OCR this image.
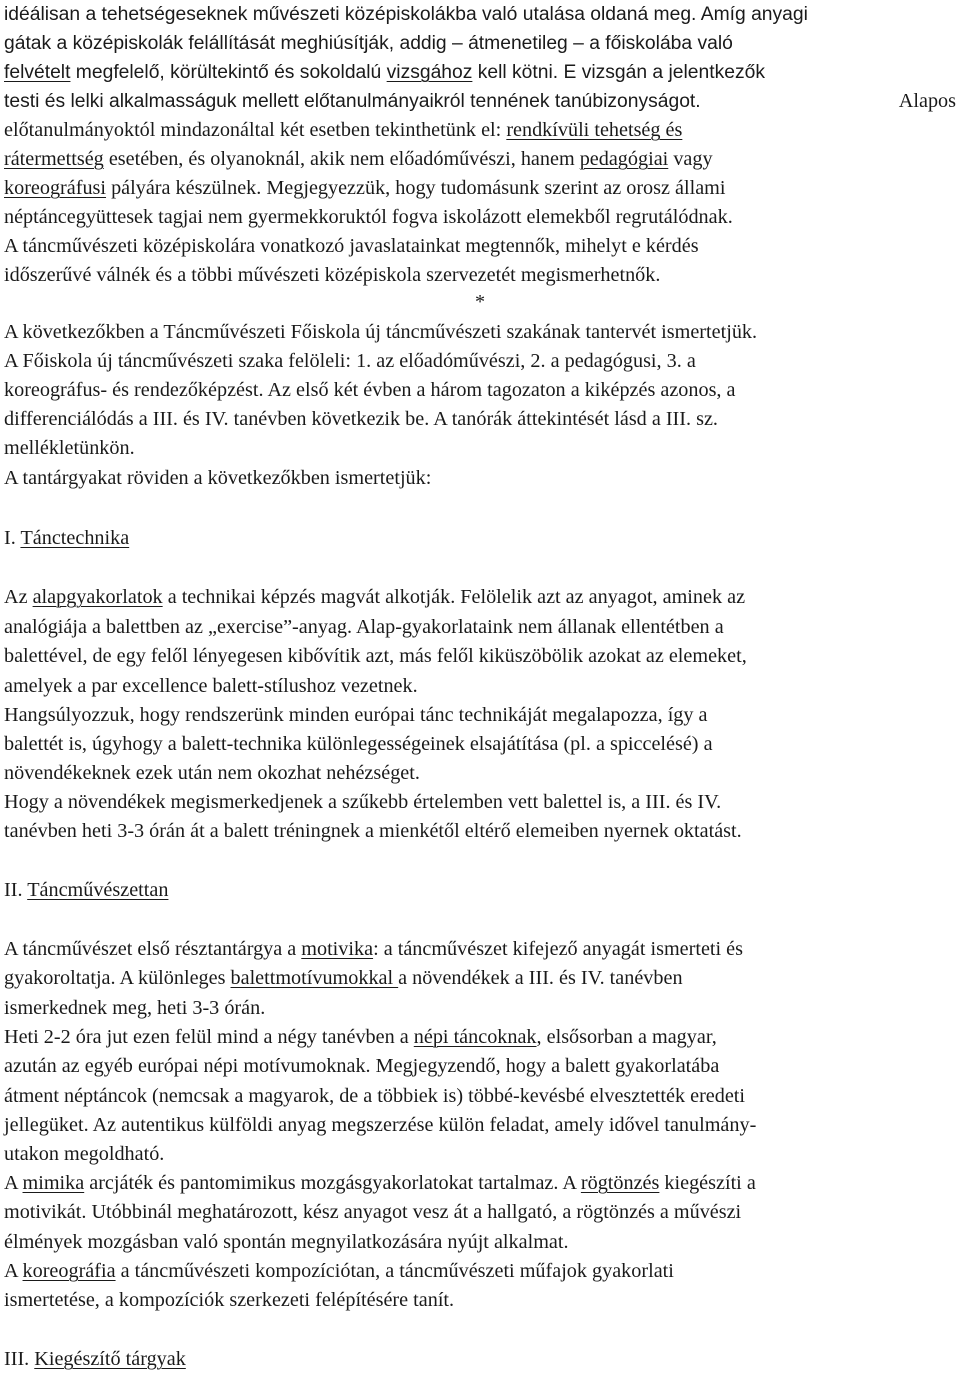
idéálisan a tehetségeseknek művészeti középiskolákba való utalása oldaná meg. Amíg anyagi
gátak a középiskolák felállítását meghiúsítják, addig – átmenetileg – a főiskolába való
felvételt megfelelő, körültekintő és sokoldalú vizsgához kell kötni. E vizsgán a jelentkezők
testi és lelki alkalmasságuk mellett előtanulmányaikról tennének tanúbizonyságot.	Alapos
előtanulmányoktól mindazonáltal két esetben tekinthetünk el: rendkívüli tehetség és
rátermettség esetében, és olyanoknál, akik nem előadóművészi, hanem pedagógiai vagy
koreográfusi pályára készülnek. Megjegyezzük, hogy tudomásunk szerint az orosz állami
néptáncegyüttesek tagjai nem gyermekkoruktól fogva iskolázott elemekből regrutálódnak.
A táncművészeti középiskolára vonatkozó javaslatainkat megtennők, mihelyt e kérdés
időszerűvé válnék és a többi művészeti középiskola szervezetét megismerhetnők.
*
A következőkben a Táncművészeti Főiskola új táncművészeti szakának tantervét ismertetjük.
A Főiskola új táncművészeti szaka felöleli: 1. az előadóművészi, 2. a pedagógusi, 3. a
koreográfus- és rendezőképzést. Az első két évben a három tagozaton a kiképzés azonos, a
differenciálódás a III. és IV. tanévben következik be. A tanórák áttekintését lásd a III. sz.
mellékletünkön.
A tantárgyakat röviden a következőkben ismertetjük:
I. Tánctechnika
Az alapgyakorlatok a technikai képzés magvát alkotják. Felölelik azt az anyagot, aminek az
analógiája a balettben az „exercise”-anyag. Alap-gyakorlataink nem állanak ellentétben a
balettével, de egy felől lényegesen kibővítik azt, más felől kiküszöbölik azokat az elemeket,
amelyek a par excellence balett-stílushoz vezetnek.
Hangsúlyozzuk, hogy rendszerünk minden európai tánc technikáját megalapozza, így a
balettét is, úgyhogy a balett-technika különlegességeinek elsajátítása (pl. a spiccelésé) a
növendékeknek ezek után nem okozhat nehézséget.
Hogy a növendékek megismerkedjenek a szűkebb értelemben vett balettel is, a III. és IV.
tanévben heti 3-3 órán át a balett tréningnek a mienkétől eltérő elemeiben nyernek oktatást.
II. Táncművészettan
A táncművészet első résztantárgya a motivika: a táncművészet kifejező anyagát ismerteti és
gyakoroltatja. A különleges balettmotívumokkal a növendékek a III. és IV. tanévben
ismerkednek meg, heti 3-3 órán.
Heti 2-2 óra jut ezen felül mind a négy tanévben a népi táncoknak, elsősorban a magyar,
azután az egyéb európai népi motívumoknak. Megjegyzendő, hogy a balett gyakorlatába
átment néptáncok (nemcsak a magyarok, de a többiek is) többé-kevésbé elvesztették eredeti
jellegüket. Az autentikus külföldi anyag megszerzése külön feladat, amely idővel tanulmány-
utakon megoldható.
A mimika arcjáték és pantomimikus mozgásgyakorlatokat tartalmaz. A rögtönzés kiegészíti a
motivikát. Utóbbinál meghatározott, kész anyagot vesz át a hallgató, a rögtönzés a művészi
élmények mozgásban való spontán megnyilatkozására nyújt alkalmat.
A koreográfia a táncművészeti kompozíciótan, a táncművészeti műfajok gyakorlati
ismertetése, a kompozíciók szerkezeti felépítésére tanít.
III. Kiegészítő tárgyak
